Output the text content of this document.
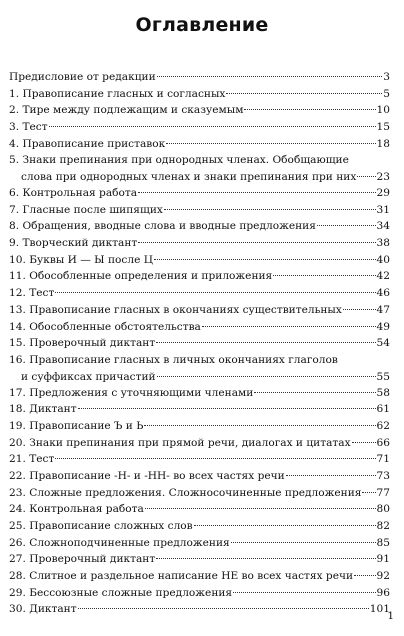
Оглавление
Предисловие от редакции	3
1. Правописание гласных и согласных	5
2. Тире между подлежащим и сказуемым	10
3. Тест	15
4. Правописание приставок	18
5. Знаки препинания при однородных членах. Обобщающие
слова при однородных членах и знаки препинания при них 23
6. Контрольная работа	29
7. Гласные после шипящих	31
8. Обращения, вводные слова и вводные предложения	34
9. Творческий диктант	38
10. Буквы И — Ы после Ц	40
11. Обособленные определения и приложения	42
12. Тест	46
13. Правописание гласных в окончаниях существительных	47
14. Обособленные обстоятельства	49
15. Проверочный диктант	54
16. Правописание гласных в личных окончаниях глаголов
и суффиксах причастий	55
17. Предложения с уточняющими членами	58
18. Диктант	61
19. Правописание Ъ и Ь	62
20. Знаки препинания при прямой речи, диалогах и цитатах 66
21. Тест	71
22. Правописание -Н- и -НН- во всех частях речи	73
23. Сложные предложения. Сложносочиненные предложения 77
24. Контрольная работа	80
25. Правописание сложных слов	82
26. Сложноподчиненные предложения	85
27. Проверочный диктант	91
28. Слитное и раздельное написание НЕ во всех частях речи 92
29. Бессоюзные сложные предложения	96
30. Диктант	101
1
